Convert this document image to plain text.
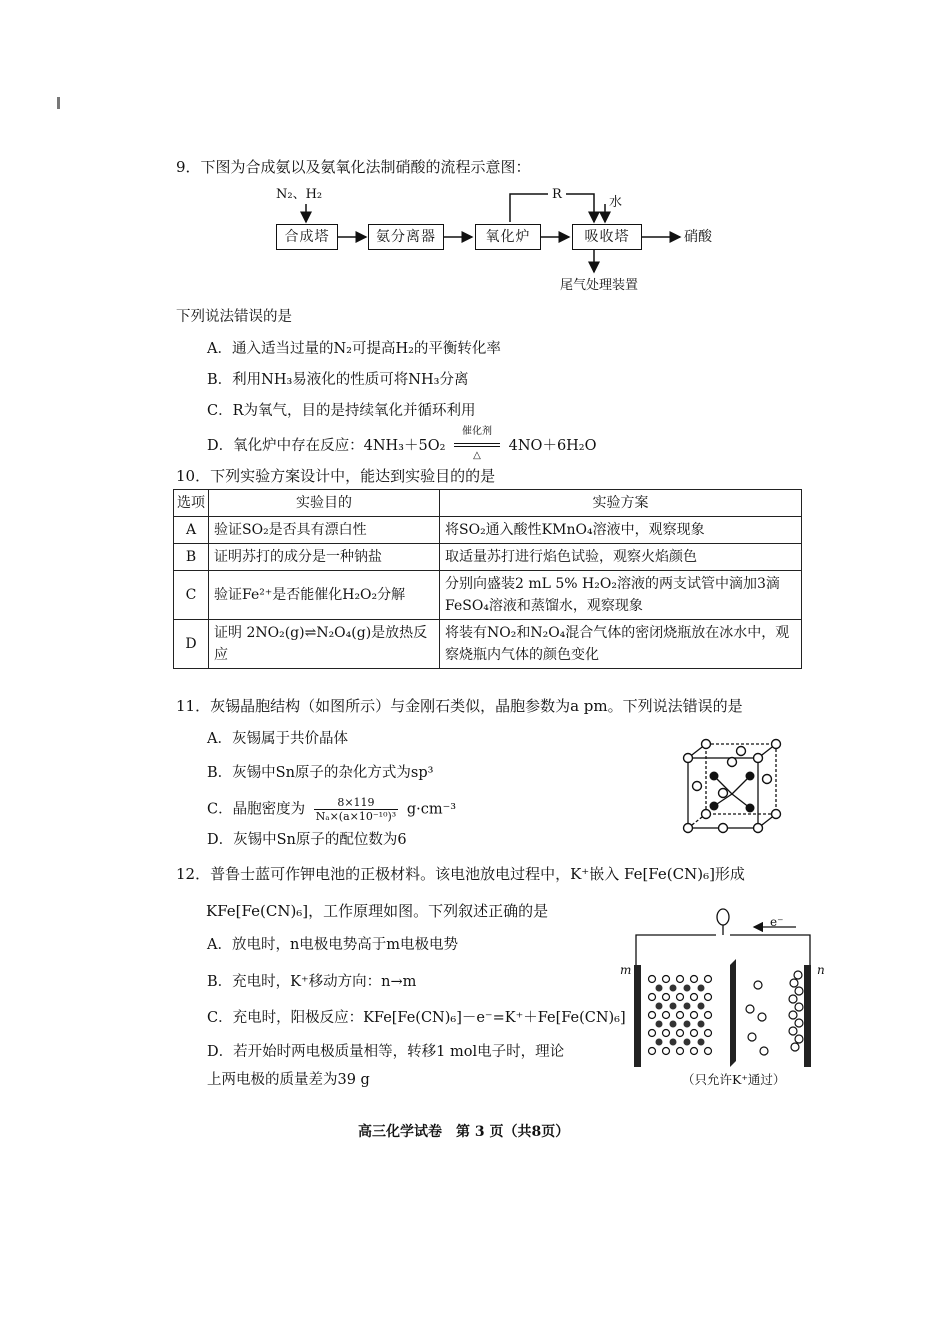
9．下图为合成氨以及氨氧化法制硝酸的流程示意图：
N₂、H₂
合成塔	氨分离器	氧化炉	吸收塔
R
水
硝酸
尾气处理装置
下列说法错误的是
A．通入适当过量的N₂可提高H₂的平衡转化率
B．利用NH₃易液化的性质可将NH₃分离
C．R为氧气，目的是持续氧化并循环利用
D．氧化炉中存在反应：4NH₃＋5O₂
催化剂
△
4NO＋6H₂O
10．下列实验方案设计中，能达到实验目的的是
选项	实验目的	实验方案
A	验证SO₂是否具有漂白性	将SO₂通入酸性KMnO₄溶液中，观察现象
B	证明苏打的成分是一种钠盐	取适量苏打进行焰色试验，观察火焰颜色
C	验证Fe²⁺是否能催化H₂O₂分解	分别向盛装2 mL 5% H₂O₂溶液的两支试管中滴加3滴FeSO₄溶液和蒸馏水，观察现象
D	证明 2NO₂(g)⇌N₂O₄(g)是放热反应	将装有NO₂和N₂O₄混合气体的密闭烧瓶放在冰水中，观察烧瓶内气体的颜色变化
11．灰锡晶胞结构（如图所示）与金刚石类似，晶胞参数为a pm。下列说法错误的是
A．灰锡属于共价晶体
B．灰锡中Sn原子的杂化方式为sp³
C．晶胞密度为 $\frac{8\times 119}{\text{Nₐ×(a×10⁻¹⁰)³}} g\cdot cm^{-3}$
D．灰锡中Sn原子的配位数为6
12．普鲁士蓝可作钾电池的正极材料。该电池放电过程中，K⁺嵌入 Fe[Fe(CN)₆]形成
KFe[Fe(CN)₆]，工作原理如图。下列叙述正确的是
A．放电时，n电极电势高于m电极电势
B．充电时，K⁺移动方向：n→m
C．充电时，阳极反应：KFe[Fe(CN)₆]－e⁻=K⁺＋Fe[Fe(CN)₆]
D．若开始时两电极质量相等，转移1 mol电子时，理论
上两电极的质量差为39 g
e⁻
m	n
（只允许K⁺通过）
高三化学试卷　第 3 页（共8页）
